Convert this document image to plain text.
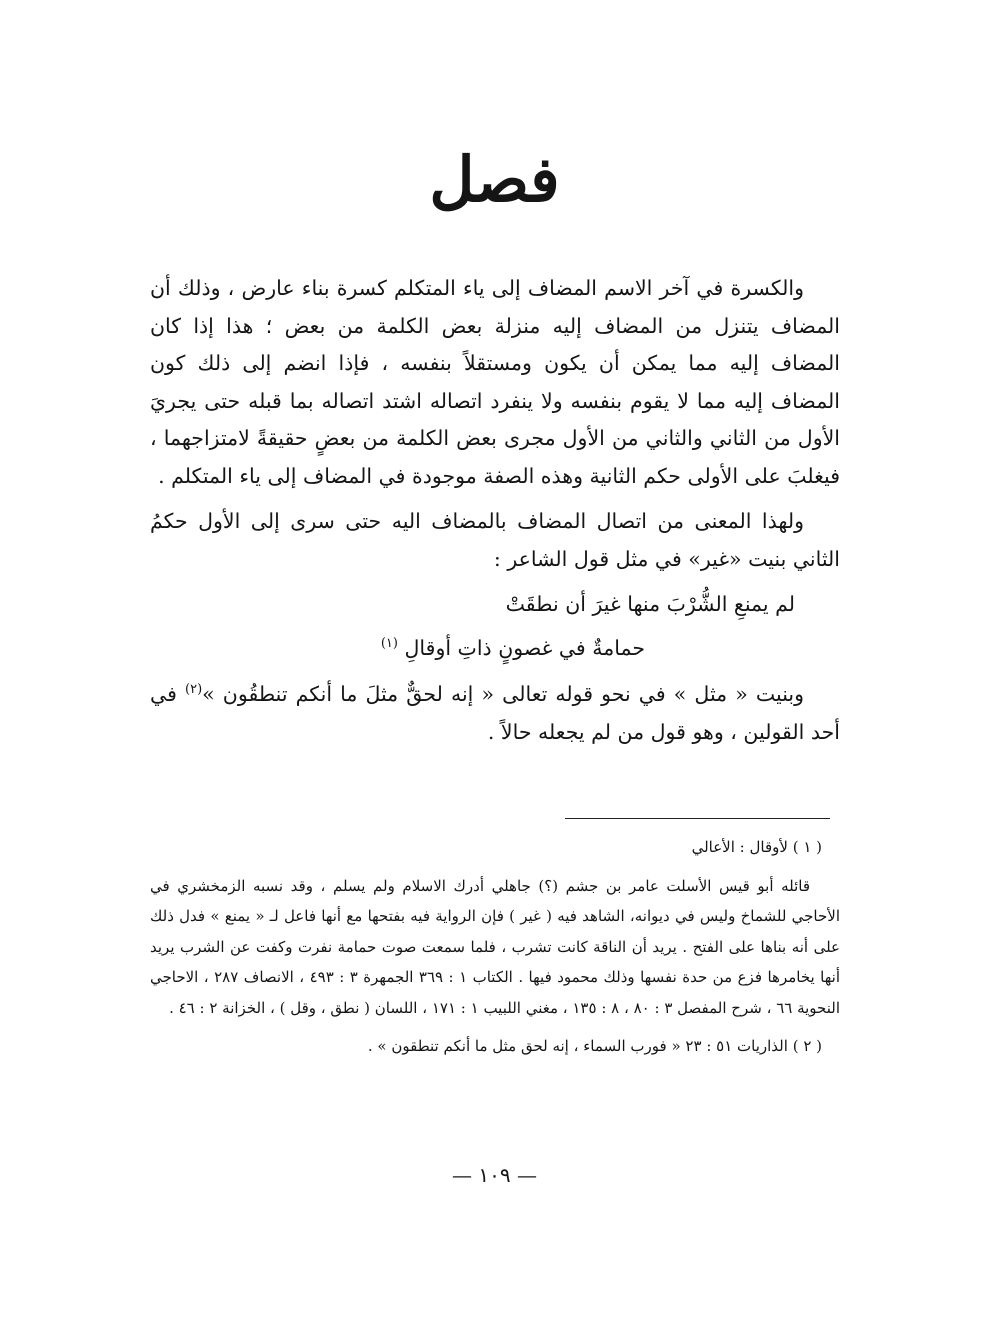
فصل

والكسرة في آخر الاسم المضاف إلى ياء المتكلم كسرة بناء عارض ، وذلك أن المضاف يتنزل من المضاف إليه منزلة بعض الكلمة من بعض ؛ هذا إذا كان المضاف إليه مما يمكن أن يكون ومستقلاً بنفسه ، فإذا انضم إلى ذلك كون المضاف إليه مما لا يقوم بنفسه ولا ينفرد اتصاله اشتد اتصاله بما قبله حتى يجريَ الأول من الثاني والثاني من الأول مجرى بعض الكلمة من بعضٍ حقيقةً لامتزاجهما ، فيغلبَ على الأولى حكم الثانية وهذه الصفة موجودة في المضاف إلى ياء المتكلم .

ولهذا المعنى من اتصال المضاف بالمضاف اليه حتى سرى إلى الأول حكمُ الثاني بنيت «غير» في مثل قول الشاعر :

لم يمنعِ الشُّرْبَ منها غيرَ أن نطقَتْ
حمامةٌ في غصونٍ ذاتِ أوقالِ $^{(١)}$

وبنيت « مثل » في نحو قوله تعالى « إنه لحقٌّ مثلَ ما أنكم تنطقُون »$^{(٢)}$ في أحد القولين ، وهو قول من لم يجعله حالاً .

( ١ ) لأوقال : الأعالي

قائله أبو قيس الأسلت عامر بن جشم (؟) جاهلي أدرك الاسلام ولم يسلم ، وقد نسبه الزمخشري في الأحاجي للشماخ وليس في ديوانه، الشاهد فيه ( غير ) فإن الرواية فيه بفتحها مع أنها فاعل لـ « يمنع » فدل ذلك على أنه بناها على الفتح . يريد أن الناقة كانت تشرب ، فلما سمعت صوت حمامة نفرت وكفت عن الشرب يريد أنها يخامرها فزع من حدة نفسها وذلك محمود فيها . الكتاب ١ : ٣٦٩ الجمهرة ٣ : ٤٩٣ ، الانصاف ٢٨٧ ، الاحاجي النحوية ٦٦ ، شرح المفصل ٣ : ٨٠ ، ٨ : ١٣٥ ، مغني اللبيب ١ : ١٧١ ، اللسان ( نطق ، وقل ) ، الخزانة ٢ : ٤٦ .

( ٢ ) الذاريات ٥١ : ٢٣ « فورب السماء ، إنه لحق مثل ما أنكم تنطقون » .

— ١٠٩ —
